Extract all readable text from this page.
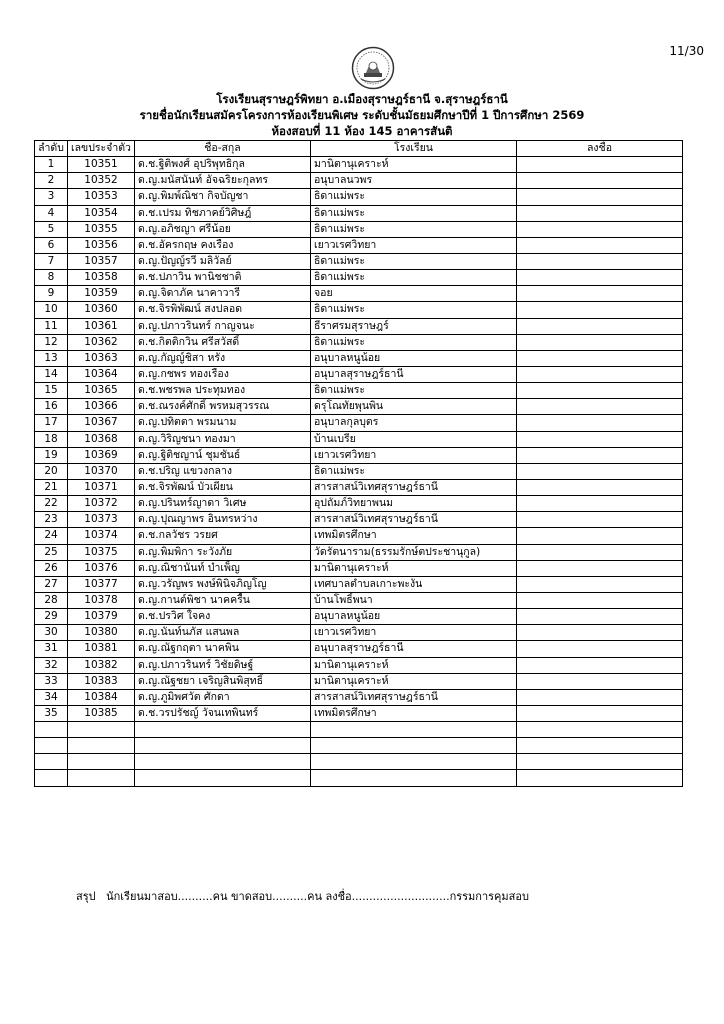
11/30
โรงเรียนสุราษฎร์พิทยา อ.เมืองสุราษฎร์ธานี จ.สุราษฎร์ธานี
รายชื่อนักเรียนสมัครโครงการห้องเรียนพิเศษ ระดับชั้นมัธยมศึกษาปีที่ 1 ปีการศึกษา 2569
ห้องสอบที่ 11 ห้อง 145 อาคารสันติ
ลำดับ	เลขประจำตัว	ชื่อ-สกุล	โรงเรียน	ลงชื่อ
1	10351	ด.ช.ฐิติพงศ์ อุปริพุทธิกุล	มานิตานุเคราะห์	
2	10352	ด.ญ.มนัสนันท์ อัจฉริยะกุลทร	อนุบาลนวพร	
3	10353	ด.ญ.พิมพ์ณิชา กิจบัญชา	ธิดาแม่พระ	
4	10354	ด.ช.เปรม ทิชภาคย์วิศิษฎ์	ธิดาแม่พระ	
5	10355	ด.ญ.อภิชญา ศรีน้อย	ธิดาแม่พระ	
6	10356	ด.ช.อัครกฤษ คงเรือง	เยาวเรศวิทยา	
7	10357	ด.ญ.ปัญญ์รวี มลิวัลย์	ธิดาแม่พระ	
8	10358	ด.ช.ปภาวิน พานิชชาติ	ธิดาแม่พระ	
9	10359	ด.ญ.จิดาภัค นาคาวารี	จอย	
10	10360	ด.ช.จิรพิพัฒน์ สงปลอด	ธิดาแม่พระ	
11	10361	ด.ญ.ปภาวรินทร์ กาญจนะ	ธีราศรมสุราษฎร์	
12	10362	ด.ช.กิตติกวิน ศรีสวัสดิ์	ธิดาแม่พระ	
13	10363	ด.ญ.กัญญ์ชิสา หรัง	อนุบาลหนูน้อย	
14	10364	ด.ญ.กชพร ทองเรือง	อนุบาลสุราษฎร์ธานี	
15	10365	ด.ช.พชรพล ประทุมทอง	ธิดาแม่พระ	
16	10366	ด.ช.ณรงค์ศักดิ์ พรหมสุวรรณ	ดรุโณทัยพุนพิน	
17	10367	ด.ญ.ปทิตตา พรมนาม	อนุบาลกุลบุตร	
18	10368	ด.ญ.วิริญชนา ทองมา	บ้านเบรีย	
19	10369	ด.ญ.ฐิติชญาน์ ชุมชันธ์	เยาวเรศวิทยา	
20	10370	ด.ช.ปริญ แขวงกลาง	ธิดาแม่พระ	
21	10371	ด.ช.จิรพัฒน์ บัวเผียน	สารสาสน์วิเทศสุราษฎร์ธานี	
22	10372	ด.ญ.ปรินทร์ญาดา วิเศษ	อุปถัมภ์วิทยาพนม	
23	10373	ด.ญ.ปุณญาพร อินทรหว่าง	สารสาสน์วิเทศสุราษฎร์ธานี	
24	10374	ด.ช.กลวัชร วรยศ	เทพมิตรศึกษา	
25	10375	ด.ญ.พิมพิกา ระวังภัย	วัดรัตนาราม(ธรรมรักษ์ตประชานุกูล)	
26	10376	ด.ญ.ณิชานันท์ บำเพ็ญ	มานิตานุเคราะห์	
27	10377	ด.ญ.วรัญพร พงษ์พินิจภิญโญ	เทศบาลตำบลเกาะพะงัน	
28	10378	ด.ญ.กานต์พิชา นาคครื้น	บ้านโพธิ์พนา	
29	10379	ด.ช.ปรวิศ ใจคง	อนุบาลหนูน้อย	
30	10380	ด.ญ.นันท์นภัส แสนพล	เยาวเรศวิทยา	
31	10381	ด.ญ.ณัฐกฤตา นาคพิน	อนุบาลสุราษฎร์ธานี	
32	10382	ด.ญ.ปภาวรินทร์ วิชัยดิษฐ์	มานิตานุเคราะห์	
33	10383	ด.ญ.ณัฐชยา เจริญสินพิสุทธิ์	มานิตานุเคราะห์	
34	10384	ด.ญ.ภูมิพศวัต ศักดา	สารสาสน์วิเทศสุราษฎร์ธานี	
35	10385	ด.ช.วรปรัชญ์ วัจนเทพินทร์	เทพมิตรศึกษา	

สรุป นักเรียนมาสอบ..........คน ขาดสอบ..........คน ลงชื่อ............................กรรมการคุมสอบ
